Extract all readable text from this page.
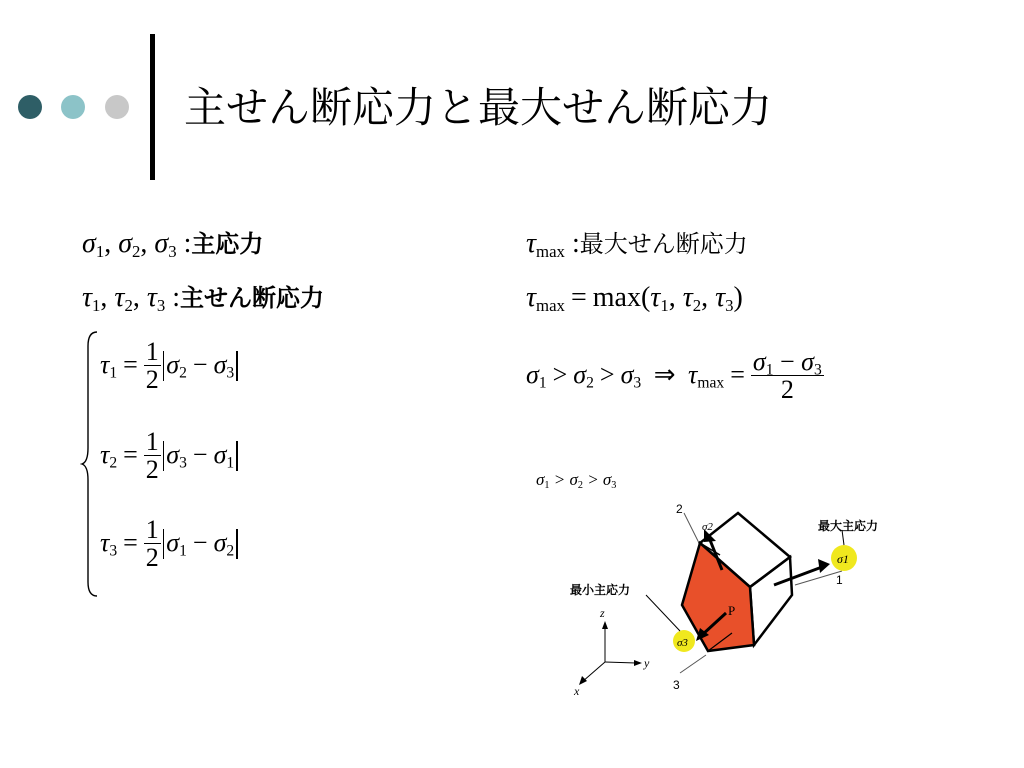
主せん断応力と最大せん断応力
$\sigma_1$, $\sigma_2$, $\sigma_3$ :主応力
$\tau_1$, $\tau_2$, $\tau_3$ :主せん断応力
$\tau_1 = \frac{1}{2} \sigma_2 - \sigma_3$
$\tau_2 = \frac{1}{2} \sigma_3 - \sigma_1$
$\tau_3 = \frac{1}{2} \sigma_1 - \sigma_2$
$\tau_{max}$ :最大せん断応力
$\tau_{max} = \max(\tau_1$, $\tau_2$, $\tau_3$)
$\sigma_1 > \sigma_2 > \sigma_3$ ⇒ $\tau_{max} = \frac{\sigma_1 - \sigma_3}{2}$
$\sigma_1 > \sigma_2 > \sigma_3$
P
σ1
σ3
σ2
2
1
3
z
y
x
最大主応力
最小主応力
